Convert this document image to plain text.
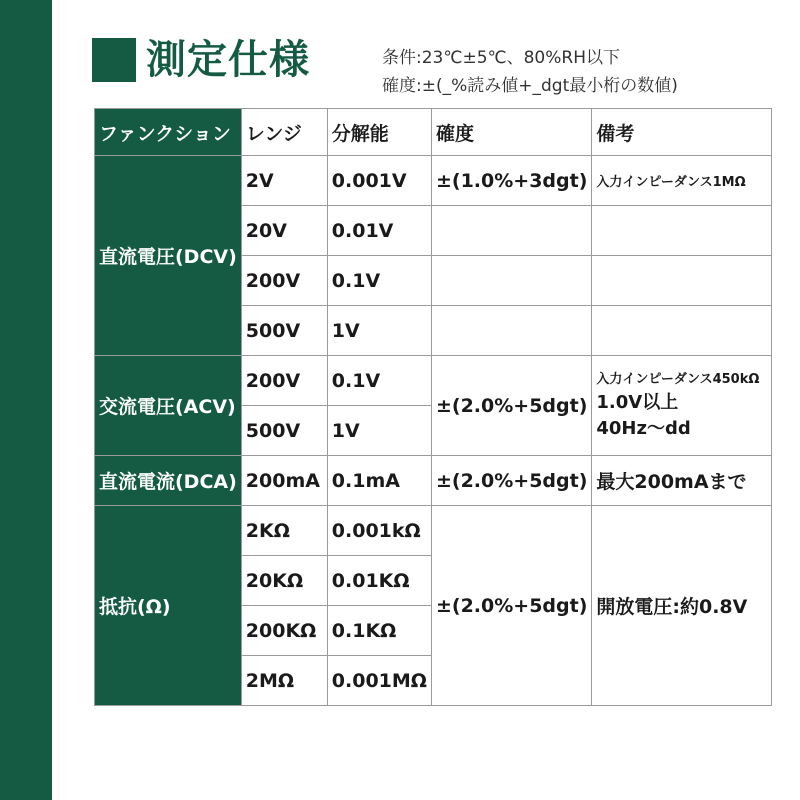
測定仕様	条件:23℃±5℃、80%RH以下
確度:±(_%読み値+_dgt最小桁の数値)
ファンクション	レンジ	分解能	確度	備考
直流電圧(DCV)	2V	0.001V	±(1.0%+3dgt)	入力インピーダンス1MΩ
	20V	0.01V		
	200V	0.1V		
	500V	1V		
交流電圧(ACV)	200V	0.1V	±(2.0%+5dgt)	入力インピーダンス450kΩ
1.0V以上
40Hz～dd

	500V	1V		
直流電流(DCA)	200mA	0.1mA	±(2.0%+5dgt)	最大200mAまで
抵抗(Ω)	2KΩ	0.001kΩ	±(2.0%+5dgt)	開放電圧:約0.8V
	20KΩ	0.01KΩ		
	200KΩ	0.1KΩ		
	2MΩ	0.001MΩ		
